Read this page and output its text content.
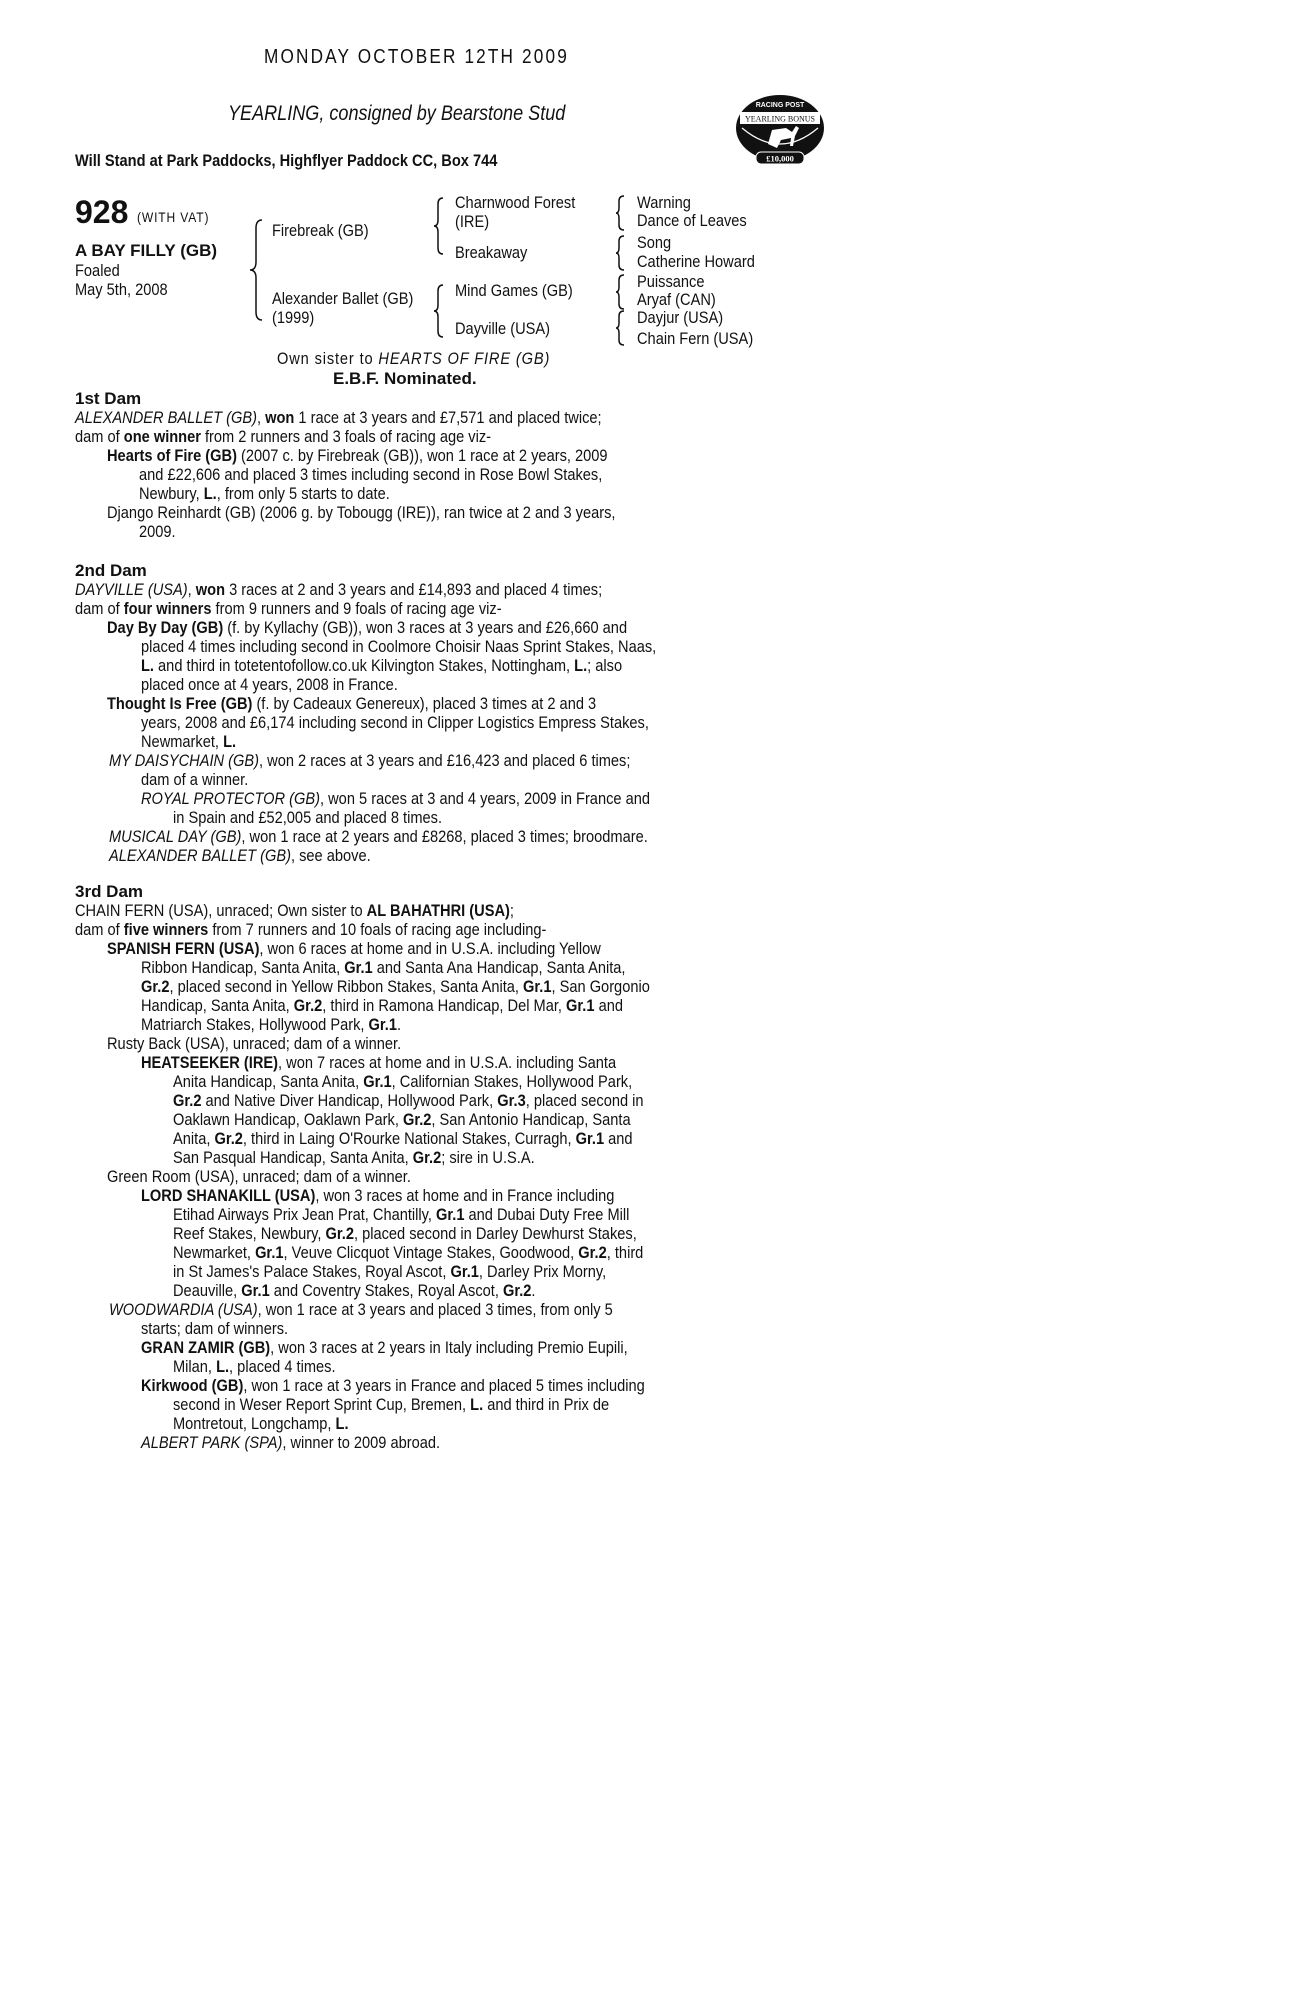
MONDAY OCTOBER 12TH 2009
YEARLING, consigned by Bearstone Stud
Will Stand at Park Paddocks, Highflyer Paddock CC, Box 744
RACING POST
YEARLING BONUS
£10,000
928 (WITH VAT)
A BAY FILLY (GB)
Foaled
May 5th, 2008
Firebreak (GB)
Alexander Ballet (GB)
(1999)
Charnwood Forest
(IRE)
Breakaway
Mind Games (GB)
Dayville (USA)
Warning
Dance of Leaves
Song
Catherine Howard
Puissance
Aryaf (CAN)
Dayjur (USA)
Chain Fern (USA)
Own sister to HEARTS OF FIRE (GB)
E.B.F. Nominated.
1st Dam
ALEXANDER BALLET (GB), won 1 race at 3 years and £7,571 and placed twice;
dam of one winner from 2 runners and 3 foals of racing age viz-
Hearts of Fire (GB) (2007 c. by Firebreak (GB)), won 1 race at 2 years, 2009
and £22,606 and placed 3 times including second in Rose Bowl Stakes,
Newbury, L., from only 5 starts to date.
Django Reinhardt (GB) (2006 g. by Tobougg (IRE)), ran twice at 2 and 3 years,
2009.
2nd Dam
DAYVILLE (USA), won 3 races at 2 and 3 years and £14,893 and placed 4 times;
dam of four winners from 9 runners and 9 foals of racing age viz-
Day By Day (GB) (f. by Kyllachy (GB)), won 3 races at 3 years and £26,660 and
placed 4 times including second in Coolmore Choisir Naas Sprint Stakes, Naas,
L. and third in totetentofollow.co.uk Kilvington Stakes, Nottingham, L.; also
placed once at 4 years, 2008 in France.
Thought Is Free (GB) (f. by Cadeaux Genereux), placed 3 times at 2 and 3
years, 2008 and £6,174 including second in Clipper Logistics Empress Stakes,
Newmarket, L.
MY DAISYCHAIN (GB), won 2 races at 3 years and £16,423 and placed 6 times;
dam of a winner.
ROYAL PROTECTOR (GB), won 5 races at 3 and 4 years, 2009 in France and
in Spain and £52,005 and placed 8 times.
MUSICAL DAY (GB), won 1 race at 2 years and £8268, placed 3 times; broodmare.
ALEXANDER BALLET (GB), see above.
3rd Dam
CHAIN FERN (USA), unraced; Own sister to AL BAHATHRI (USA);
dam of five winners from 7 runners and 10 foals of racing age including-
SPANISH FERN (USA), won 6 races at home and in U.S.A. including Yellow
Ribbon Handicap, Santa Anita, Gr.1 and Santa Ana Handicap, Santa Anita,
Gr.2, placed second in Yellow Ribbon Stakes, Santa Anita, Gr.1, San Gorgonio
Handicap, Santa Anita, Gr.2, third in Ramona Handicap, Del Mar, Gr.1 and
Matriarch Stakes, Hollywood Park, Gr.1.
Rusty Back (USA), unraced; dam of a winner.
HEATSEEKER (IRE), won 7 races at home and in U.S.A. including Santa
Anita Handicap, Santa Anita, Gr.1, Californian Stakes, Hollywood Park,
Gr.2 and Native Diver Handicap, Hollywood Park, Gr.3, placed second in
Oaklawn Handicap, Oaklawn Park, Gr.2, San Antonio Handicap, Santa
Anita, Gr.2, third in Laing O'Rourke National Stakes, Curragh, Gr.1 and
San Pasqual Handicap, Santa Anita, Gr.2; sire in U.S.A.
Green Room (USA), unraced; dam of a winner.
LORD SHANAKILL (USA), won 3 races at home and in France including
Etihad Airways Prix Jean Prat, Chantilly, Gr.1 and Dubai Duty Free Mill
Reef Stakes, Newbury, Gr.2, placed second in Darley Dewhurst Stakes,
Newmarket, Gr.1, Veuve Clicquot Vintage Stakes, Goodwood, Gr.2, third
in St James's Palace Stakes, Royal Ascot, Gr.1, Darley Prix Morny,
Deauville, Gr.1 and Coventry Stakes, Royal Ascot, Gr.2.
WOODWARDIA (USA), won 1 race at 3 years and placed 3 times, from only 5
starts; dam of winners.
GRAN ZAMIR (GB), won 3 races at 2 years in Italy including Premio Eupili,
Milan, L., placed 4 times.
Kirkwood (GB), won 1 race at 3 years in France and placed 5 times including
second in Weser Report Sprint Cup, Bremen, L. and third in Prix de
Montretout, Longchamp, L.
ALBERT PARK (SPA), winner to 2009 abroad.
